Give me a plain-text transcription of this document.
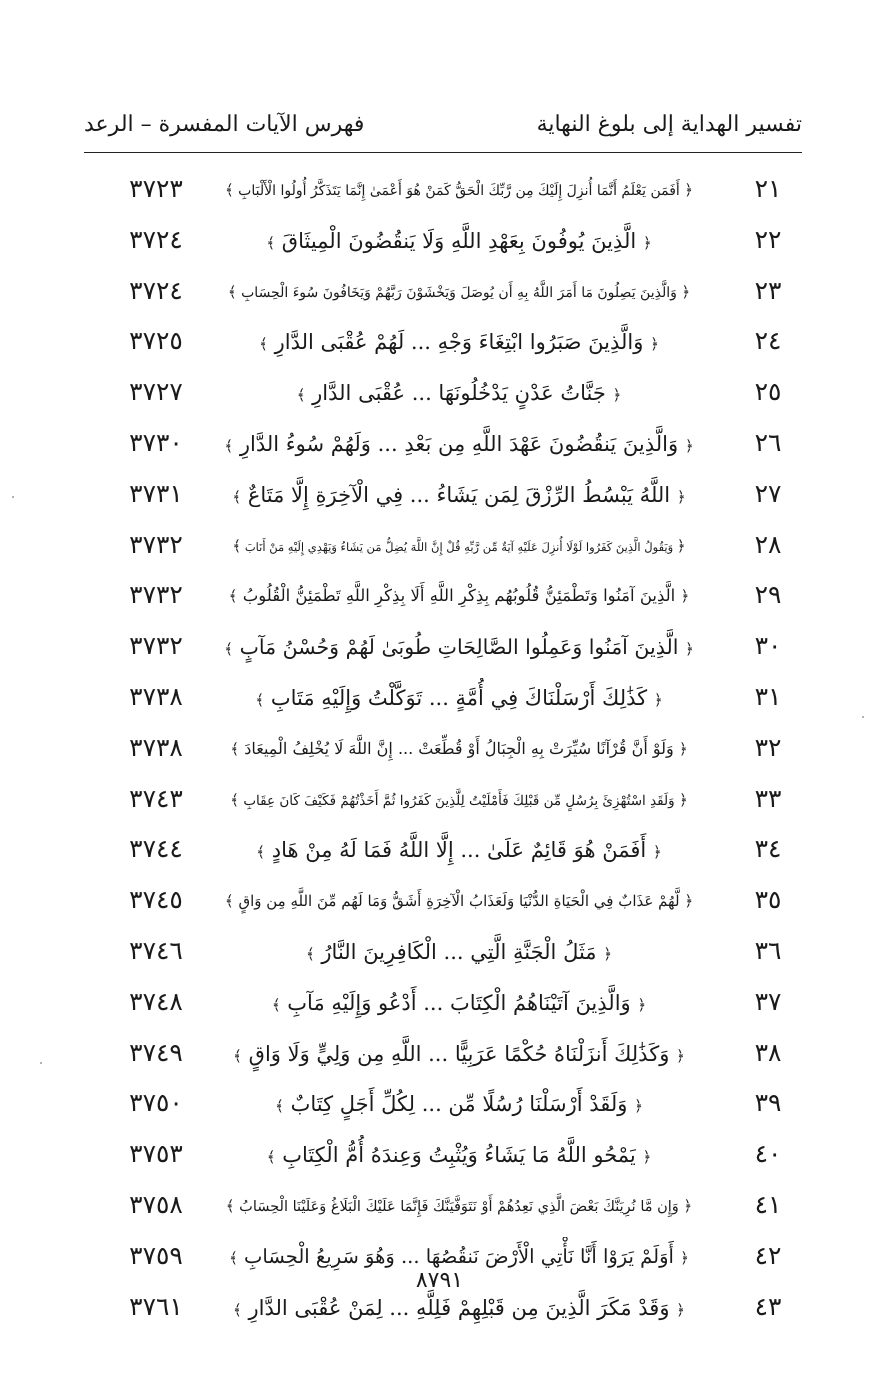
تفسير الهداية إلى بلوغ النهاية
فهرس الآيات المفسرة – الرعد
٢١
﴿ أَفَمَن يَعْلَمُ أَنَّمَا أُنزِلَ إِلَيْكَ مِن رَّبِّكَ الْحَقُّ كَمَنْ هُوَ أَعْمَىٰ إِنَّمَا يَتَذَكَّرُ أُولُوا الْأَلْبَابِ ﴾
٣٧٢٣
٢٢
﴿ الَّذِينَ يُوفُونَ بِعَهْدِ اللَّهِ وَلَا يَنقُضُونَ الْمِيثَاقَ ﴾
٣٧٢٤
٢٣
﴿ وَالَّذِينَ يَصِلُونَ مَا أَمَرَ اللَّهُ بِهِ أَن يُوصَلَ وَيَخْشَوْنَ رَبَّهُمْ وَيَخَافُونَ سُوءَ الْحِسَابِ ﴾
٣٧٢٤
٢٤
﴿ وَالَّذِينَ صَبَرُوا ابْتِغَاءَ وَجْهِ ... لَهُمْ عُقْبَى الدَّارِ ﴾
٣٧٢٥
٢٥
﴿ جَنَّاتُ عَدْنٍ يَدْخُلُونَهَا ... عُقْبَى الدَّارِ ﴾
٣٧٢٧
٢٦
﴿ وَالَّذِينَ يَنقُضُونَ عَهْدَ اللَّهِ مِن بَعْدِ ... وَلَهُمْ سُوءُ الدَّارِ ﴾
٣٧٣٠
٢٧
﴿ اللَّهُ يَبْسُطُ الرِّزْقَ لِمَن يَشَاءُ ... فِي الْآخِرَةِ إِلَّا مَتَاعٌ ﴾
٣٧٣١
٢٨
﴿ وَيَقُولُ الَّذِينَ كَفَرُوا لَوْلَا أُنزِلَ عَلَيْهِ آيَةٌ مِّن رَّبِّهِ قُلْ إِنَّ اللَّهَ يُضِلُّ مَن يَشَاءُ وَيَهْدِي إِلَيْهِ مَنْ أَنَابَ ﴾
٣٧٣٢
٢٩
﴿ الَّذِينَ آمَنُوا وَتَطْمَئِنُّ قُلُوبُهُم بِذِكْرِ اللَّهِ أَلَا بِذِكْرِ اللَّهِ تَطْمَئِنُّ الْقُلُوبُ ﴾
٣٧٣٢
٣٠
﴿ الَّذِينَ آمَنُوا وَعَمِلُوا الصَّالِحَاتِ طُوبَىٰ لَهُمْ وَحُسْنُ مَآبٍ ﴾
٣٧٣٢
٣١
﴿ كَذَٰلِكَ أَرْسَلْنَاكَ فِي أُمَّةٍ ... تَوَكَّلْتُ وَإِلَيْهِ مَتَابِ ﴾
٣٧٣٨
٣٢
﴿ وَلَوْ أَنَّ قُرْآنًا سُيِّرَتْ بِهِ الْجِبَالُ أَوْ قُطِّعَتْ ... إِنَّ اللَّهَ لَا يُخْلِفُ الْمِيعَادَ ﴾
٣٧٣٨
٣٣
﴿ وَلَقَدِ اسْتُهْزِئَ بِرُسُلٍ مِّن قَبْلِكَ فَأَمْلَيْتُ لِلَّذِينَ كَفَرُوا ثُمَّ أَخَذْتُهُمْ فَكَيْفَ كَانَ عِقَابِ ﴾
٣٧٤٣
٣٤
﴿ أَفَمَنْ هُوَ قَائِمٌ عَلَىٰ ... إِلَّا اللَّهُ فَمَا لَهُ مِنْ هَادٍ ﴾
٣٧٤٤
٣٥
﴿ لَّهُمْ عَذَابٌ فِي الْحَيَاةِ الدُّنْيَا وَلَعَذَابُ الْآخِرَةِ أَشَقُّ وَمَا لَهُم مِّنَ اللَّهِ مِن وَاقٍ ﴾
٣٧٤٥
٣٦
﴿ مَثَلُ الْجَنَّةِ الَّتِي ... الْكَافِرِينَ النَّارُ ﴾
٣٧٤٦
٣٧
﴿ وَالَّذِينَ آتَيْنَاهُمُ الْكِتَابَ ... أَدْعُو وَإِلَيْهِ مَآبِ ﴾
٣٧٤٨
٣٨
﴿ وَكَذَٰلِكَ أَنزَلْنَاهُ حُكْمًا عَرَبِيًّا ... اللَّهِ مِن وَلِيٍّ وَلَا وَاقٍ ﴾
٣٧٤٩
٣٩
﴿ وَلَقَدْ أَرْسَلْنَا رُسُلًا مِّن ... لِكُلِّ أَجَلٍ كِتَابٌ ﴾
٣٧٥٠
٤٠
﴿ يَمْحُو اللَّهُ مَا يَشَاءُ وَيُثْبِتُ وَعِندَهُ أُمُّ الْكِتَابِ ﴾
٣٧٥٣
٤١
﴿ وَإِن مَّا نُرِيَنَّكَ بَعْضَ الَّذِي نَعِدُهُمْ أَوْ نَتَوَفَّيَنَّكَ فَإِنَّمَا عَلَيْكَ الْبَلَاغُ وَعَلَيْنَا الْحِسَابُ ﴾
٣٧٥٨
٤٢
﴿ أَوَلَمْ يَرَوْا أَنَّا نَأْتِي الْأَرْضَ نَنقُصُهَا ... وَهُوَ سَرِيعُ الْحِسَابِ ﴾
٣٧٥٩
٤٣
﴿ وَقَدْ مَكَرَ الَّذِينَ مِن قَبْلِهِمْ فَلِلَّهِ ... لِمَنْ عُقْبَى الدَّارِ ﴾
٣٧٦١
٨٧٩١
